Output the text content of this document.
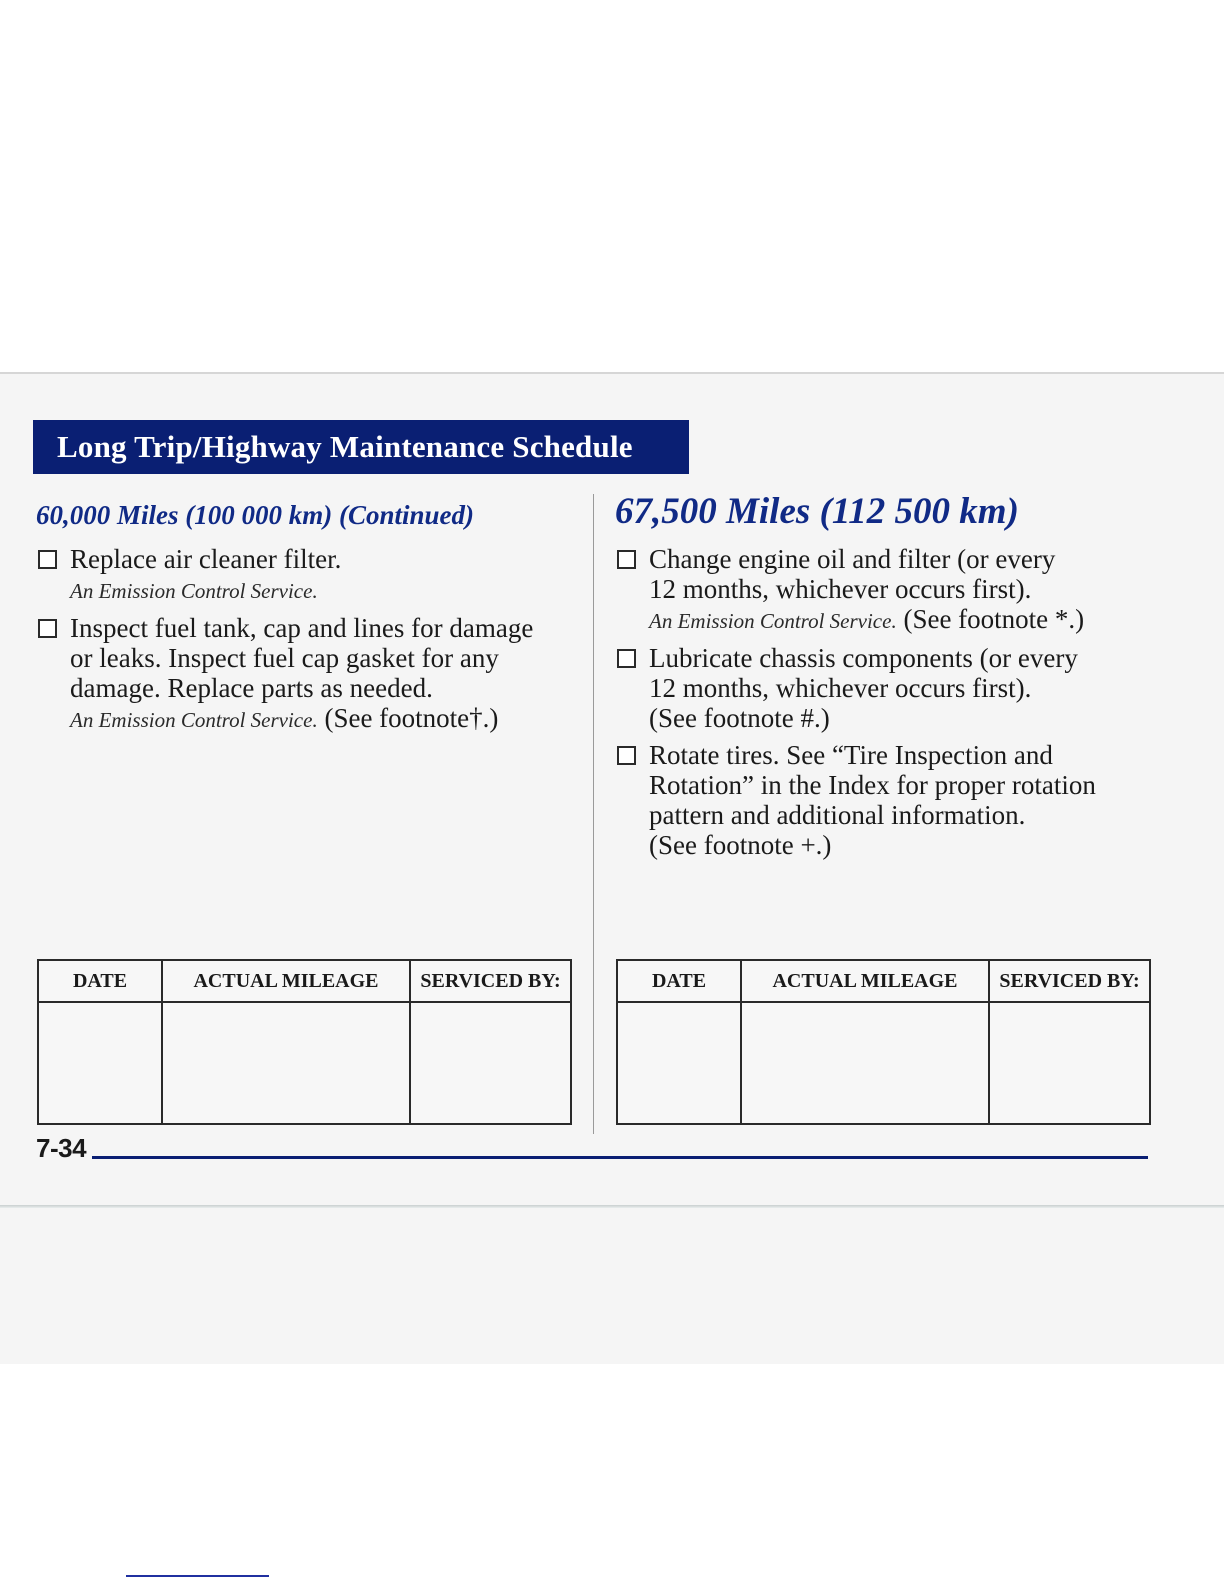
Long Trip/Highway Maintenance Schedule
60,000 Miles (100 000 km) (Continued)
Replace air cleaner filter.
An Emission Control Service.
Inspect fuel tank, cap and lines for damage
or leaks. Inspect fuel cap gasket for any
damage. Replace parts as needed.
An Emission Control Service. (See footnote†.)
DATE	ACTUAL MILEAGE	SERVICED BY:

67,500 Miles (112 500 km)
Change engine oil and filter (or every
12 months, whichever occurs first).
An Emission Control Service. (See footnote *.)
Lubricate chassis components (or every
12 months, whichever occurs first).
(See footnote #.)
Rotate tires. See “Tire Inspection and
Rotation” in the Index for proper rotation
pattern and additional information.
(See footnote +.)
DATE	ACTUAL MILEAGE	SERVICED BY:

7-34
